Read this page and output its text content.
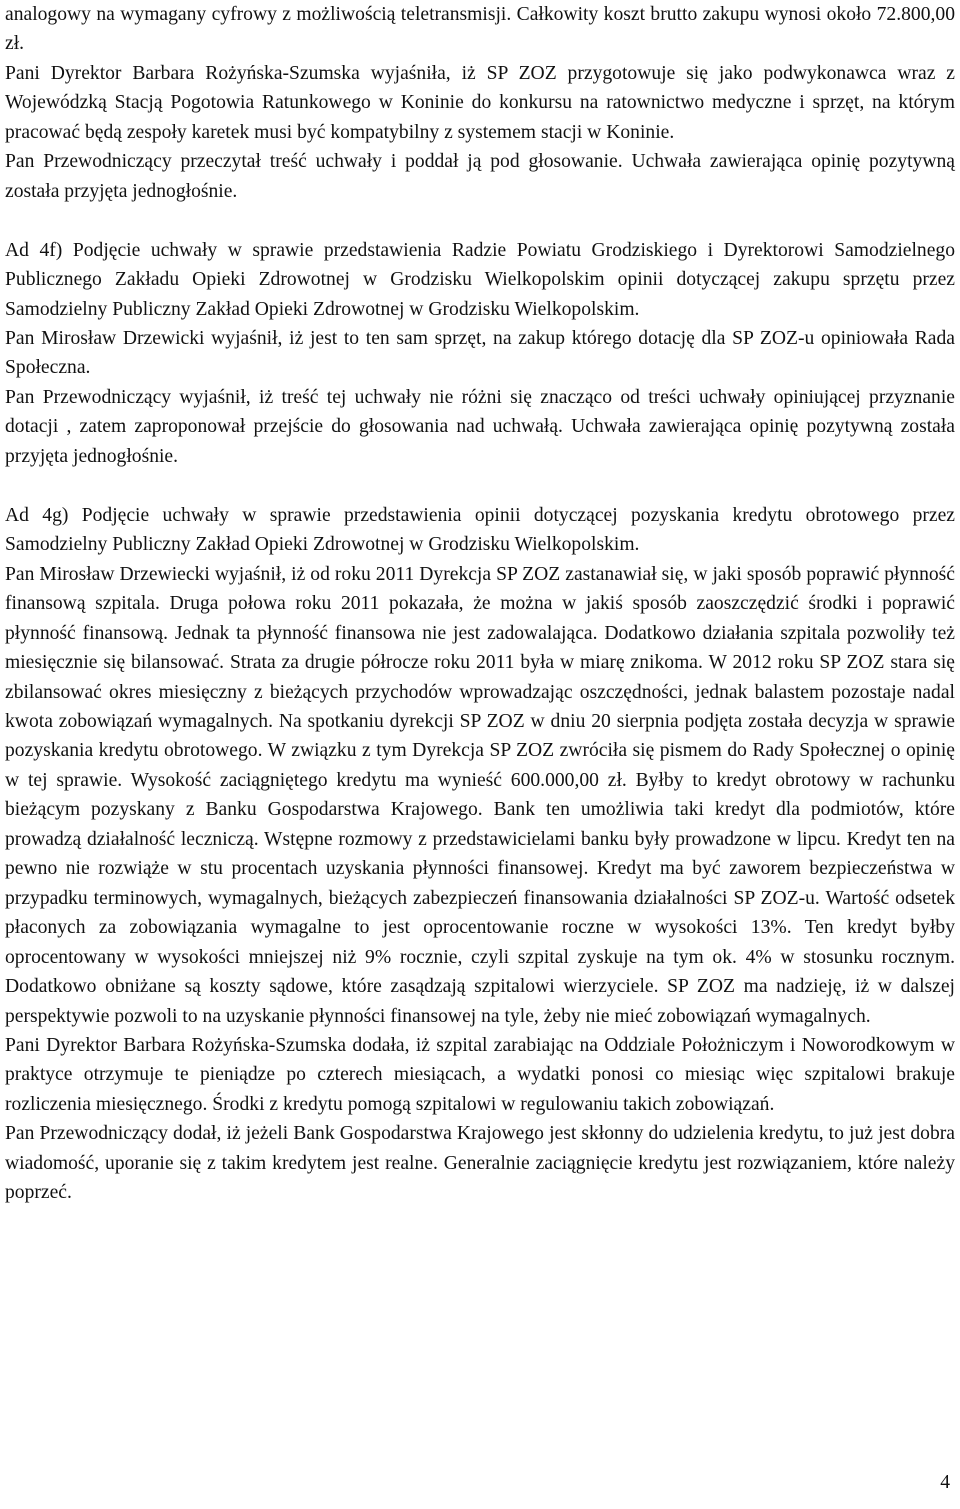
analogowy na wymagany cyfrowy z możliwością teletransmisji. Całkowity koszt brutto zakupu wynosi około 72.800,00 zł.

Pani Dyrektor Barbara Rożyńska-Szumska wyjaśniła, iż SP ZOZ przygotowuje się jako podwykonawca wraz z Wojewódzką Stacją Pogotowia Ratunkowego w Koninie do konkursu na ratownictwo medyczne i sprzęt, na którym pracować będą zespoły karetek musi być kompatybilny z systemem stacji w Koninie.

Pan Przewodniczący przeczytał treść uchwały i poddał ją pod głosowanie. Uchwała zawierająca opinię pozytywną została przyjęta jednogłośnie.

Ad 4f) Podjęcie uchwały w sprawie przedstawienia Radzie Powiatu Grodziskiego i Dyrektorowi Samodzielnego Publicznego Zakładu Opieki Zdrowotnej w Grodzisku Wielkopolskim opinii dotyczącej zakupu sprzętu przez Samodzielny Publiczny Zakład Opieki Zdrowotnej w Grodzisku Wielkopolskim.

Pan Mirosław Drzewicki wyjaśnił, iż jest to ten sam sprzęt, na zakup którego dotację dla SP ZOZ-u opiniowała Rada Społeczna.

Pan Przewodniczący wyjaśnił, iż treść tej uchwały nie różni się znacząco od treści uchwały opiniującej przyznanie dotacji , zatem zaproponował przejście do głosowania nad uchwałą. Uchwała zawierająca opinię pozytywną została przyjęta jednogłośnie.

Ad 4g) Podjęcie uchwały w sprawie przedstawienia opinii dotyczącej pozyskania kredytu obrotowego przez Samodzielny Publiczny Zakład Opieki Zdrowotnej w Grodzisku Wielkopolskim.

Pan Mirosław Drzewiecki wyjaśnił, iż od roku 2011 Dyrekcja SP ZOZ zastanawiał się, w jaki sposób poprawić płynność finansową szpitala. Druga połowa roku 2011 pokazała, że można w jakiś sposób zaoszczędzić środki i poprawić płynność finansową. Jednak ta płynność finansowa nie jest zadowalająca. Dodatkowo działania szpitala pozwoliły też miesięcznie się bilansować. Strata za drugie półrocze roku 2011 była w miarę znikoma. W 2012 roku SP ZOZ stara się zbilansować okres miesięczny z bieżących przychodów wprowadzając oszczędności, jednak balastem pozostaje nadal kwota zobowiązań wymagalnych. Na spotkaniu dyrekcji SP ZOZ w dniu 20 sierpnia podjęta została decyzja w sprawie pozyskania kredytu obrotowego. W związku z tym Dyrekcja SP ZOZ zwróciła się pismem do Rady Społecznej o opinię w tej sprawie. Wysokość zaciągniętego kredytu ma wynieść 600.000,00 zł. Byłby to kredyt obrotowy w rachunku bieżącym pozyskany z Banku Gospodarstwa Krajowego. Bank ten umożliwia taki kredyt dla podmiotów, które prowadzą działalność leczniczą. Wstępne rozmowy z przedstawicielami banku były prowadzone w lipcu. Kredyt ten na pewno nie rozwiąże w stu procentach uzyskania płynności finansowej. Kredyt ma być zaworem bezpieczeństwa w przypadku terminowych, wymagalnych, bieżących zabezpieczeń finansowania działalności SP ZOZ-u. Wartość odsetek płaconych za zobowiązania wymagalne to jest oprocentowanie roczne w wysokości 13%. Ten kredyt byłby oprocentowany w wysokości mniejszej niż 9% rocznie, czyli szpital zyskuje na tym ok. 4% w stosunku rocznym. Dodatkowo obniżane są koszty sądowe, które zasądzają szpitalowi wierzyciele. SP ZOZ ma nadzieję, iż w dalszej perspektywie pozwoli to na uzyskanie płynności finansowej na tyle, żeby nie mieć zobowiązań wymagalnych.

Pani Dyrektor Barbara Rożyńska-Szumska dodała, iż szpital zarabiając na Oddziale Położniczym i Noworodkowym w praktyce otrzymuje te pieniądze po czterech miesiącach, a wydatki ponosi co miesiąc więc szpitalowi brakuje rozliczenia miesięcznego. Środki z kredytu pomogą szpitalowi w regulowaniu takich zobowiązań.

Pan Przewodniczący dodał, iż jeżeli Bank Gospodarstwa Krajowego jest skłonny do udzielenia kredytu, to już jest dobra wiadomość, uporanie się z takim kredytem jest realne. Generalnie zaciągnięcie kredytu jest rozwiązaniem, które należy poprzeć.

4
